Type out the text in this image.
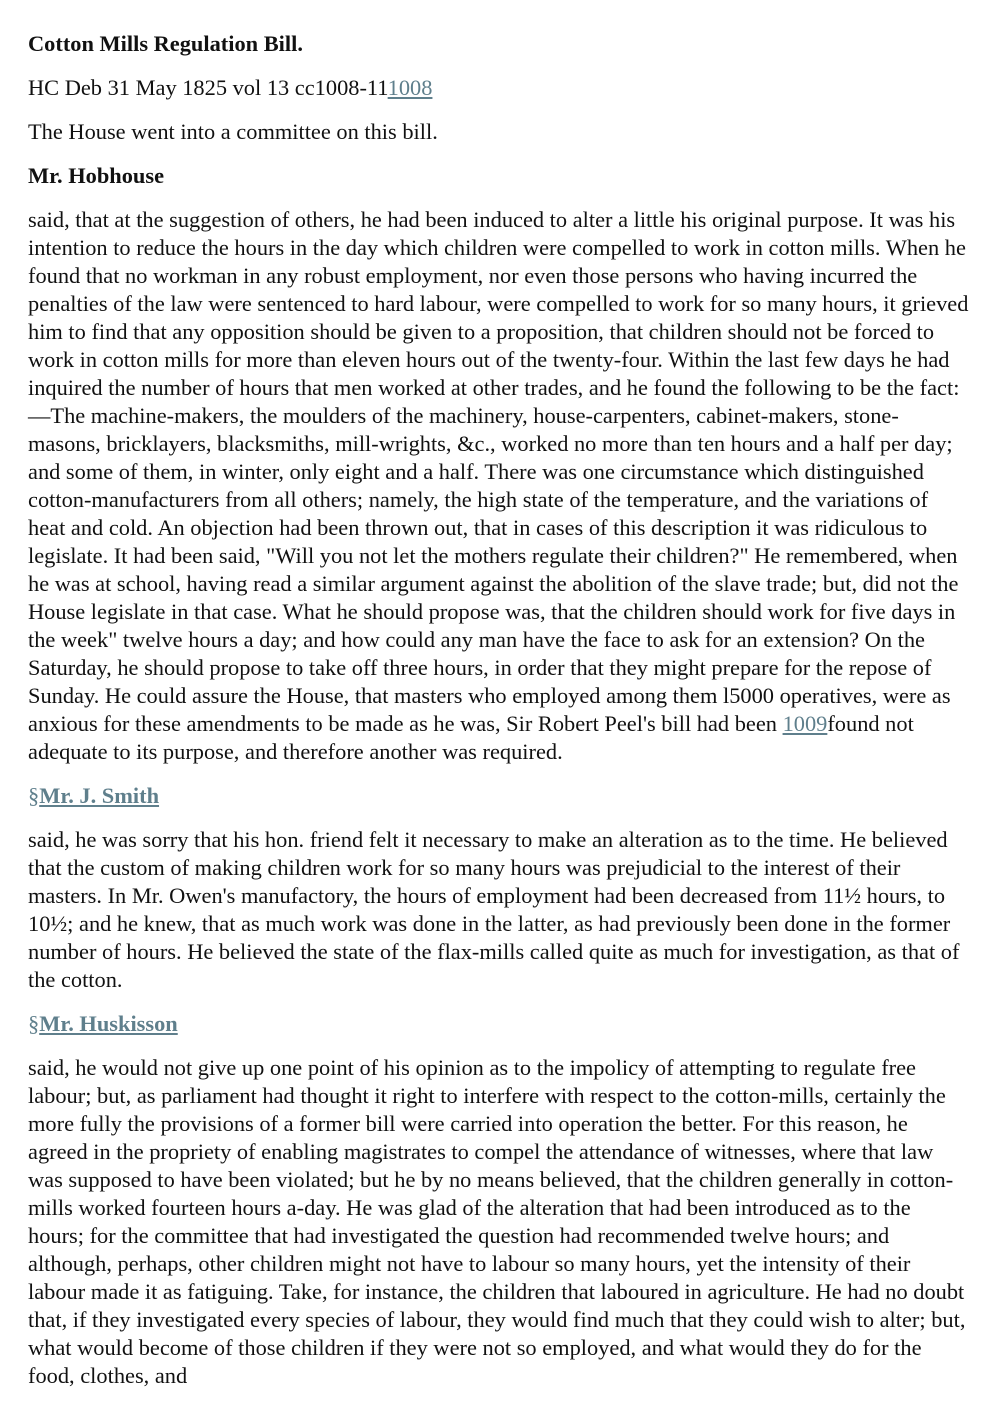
Cotton Mills Regulation Bill.

HC Deb 31 May 1825 vol 13 cc1008-111008

The House went into a committee on this bill.

Mr. Hobhouse

said, that at the suggestion of others, he had been induced to alter a little his original purpose. It was his intention to reduce the hours in the day which children were compelled to work in cotton mills. When he found that no workman in any robust employment, nor even those persons who having incurred the penalties of the law were sentenced to hard labour, were compelled to work for so many hours, it grieved him to find that any opposition should be given to a proposition, that children should not be forced to work in cotton mills for more than eleven hours out of the twenty-four. Within the last few days he had inquired the number of hours that men worked at other trades, and he found the following to be the fact:—The machine-makers, the moulders of the machinery, house-carpenters, cabinet-makers, stone-masons, bricklayers, blacksmiths, mill-wrights, &c., worked no more than ten hours and a half per day; and some of them, in winter, only eight and a half. There was one circumstance which distinguished cotton-manufacturers from all others; namely, the high state of the temperature, and the variations of heat and cold. An objection had been thrown out, that in cases of this description it was ridiculous to legislate. It had been said, "Will you not let the mothers regulate their children?" He remembered, when he was at school, having read a similar argument against the abolition of the slave trade; but, did not the House legislate in that case. What he should propose was, that the children should work for five days in the week" twelve hours a day; and how could any man have the face to ask for an extension? On the Saturday, he should propose to take off three hours, in order that they might prepare for the repose of Sunday. He could assure the House, that masters who employed among them l5000 operatives, were as anxious for these amendments to be made as he was, Sir Robert Peel's bill had been 1009found not adequate to its purpose, and therefore another was required.

§Mr. J. Smith

said, he was sorry that his hon. friend felt it necessary to make an alteration as to the time. He believed that the custom of making children work for so many hours was prejudicial to the interest of their masters. In Mr. Owen's manufactory, the hours of employment had been decreased from 11½ hours, to 10½; and he knew, that as much work was done in the latter, as had previously been done in the former number of hours. He believed the state of the flax-mills called quite as much for investigation, as that of the cotton.

§Mr. Huskisson

said, he would not give up one point of his opinion as to the impolicy of attempting to regulate free labour; but, as parliament had thought it right to interfere with respect to the cotton-mills, certainly the more fully the provisions of a former bill were carried into operation the better. For this reason, he agreed in the propriety of enabling magistrates to compel the attendance of witnesses, where that law was supposed to have been violated; but he by no means believed, that the children generally in cotton-mills worked fourteen hours a-day. He was glad of the alteration that had been introduced as to the hours; for the committee that had investigated the question had recommended twelve hours; and although, perhaps, other children might not have to labour so many hours, yet the intensity of their labour made it as fatiguing. Take, for instance, the children that laboured in agriculture. He had no doubt that, if they investigated every species of labour, they would find much that they could wish to alter; but, what would become of those children if they were not so employed, and what would they do for the food, clothes, and
